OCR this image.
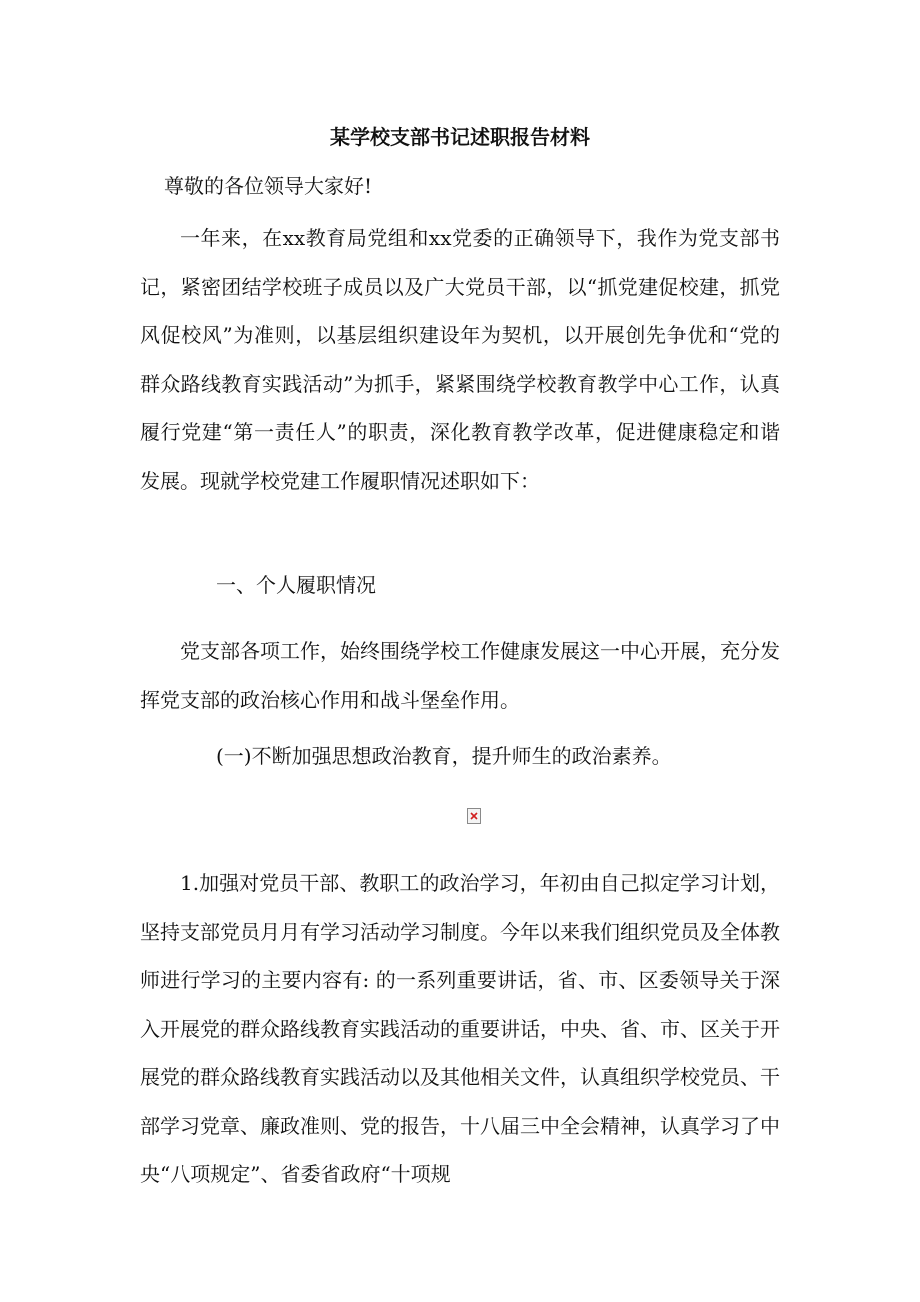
某学校支部书记述职报告材料
尊敬的各位领导大家好!

一年来，在xx教育局党组和xx党委的正确领导下，我作为党支部书记，紧密团结学校班子成员以及广大党员干部，以“抓党建促校建，抓党风促校风”为准则，以基层组织建设年为契机，以开展创先争优和“党的群众路线教育实践活动”为抓手，紧紧围绕学校教育教学中心工作，认真履行党建“第一责任人”的职责，深化教育教学改革，促进健康稳定和谐发展。现就学校党建工作履职情况述职如下：

一、个人履职情况

党支部各项工作，始终围绕学校工作健康发展这一中心开展，充分发挥党支部的政治核心作用和战斗堡垒作用。

(一)不断加强思想政治教育，提升师生的政治素养。

1.加强对党员干部、教职工的政治学习，年初由自己拟定学习计划，坚持支部党员月月有学习活动学习制度。今年以来我们组织党员及全体教师进行学习的主要内容有: 的一系列重要讲话，省、市、区委领导关于深入开展党的群众路线教育实践活动的重要讲话，中央、省、市、区关于开展党的群众路线教育实践活动以及其他相关文件，认真组织学校党员、干部学习党章、廉政准则、党的报告，十八届三中全会精神，认真学习了中央“八项规定”、省委省政府“十项规
